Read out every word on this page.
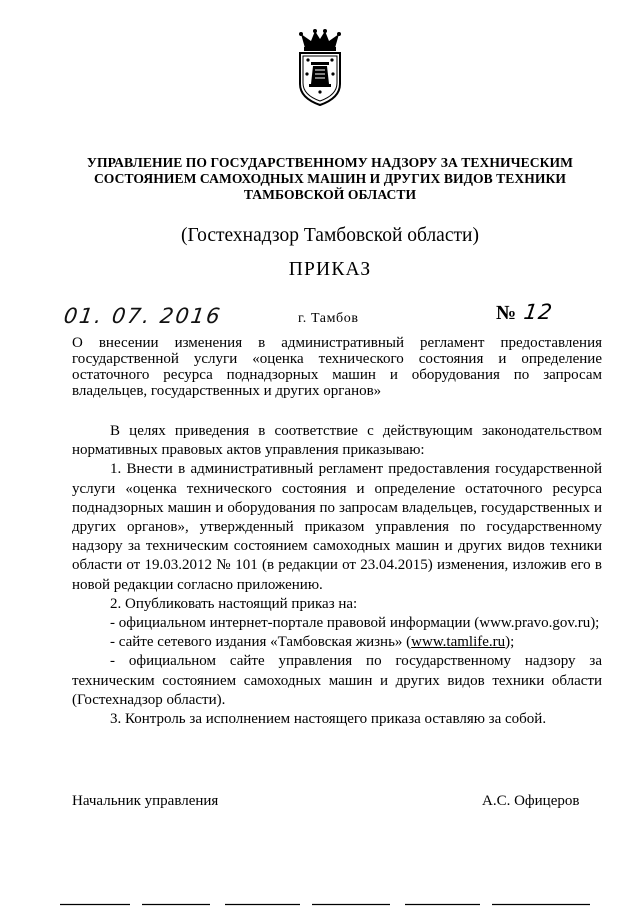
УПРАВЛЕНИЕ ПО ГОСУДАРСТВЕННОМУ НАДЗОРУ ЗА ТЕХНИЧЕСКИМ СОСТОЯНИЕМ САМОХОДНЫХ МАШИН И ДРУГИХ ВИДОВ ТЕХНИКИ ТАМБОВСКОЙ ОБЛАСТИ
(Гостехнадзор Тамбовской области)
ПРИКАЗ
01. 07. 2016	г. Тамбов	№ 12
О внесении изменения в административный регламент предоставления государственной услуги «оценка технического состояния и определение остаточного ресурса поднадзорных машин и оборудования по запросам владельцев, государственных и других органов»

В целях приведения в соответствие с действующим законодательством нормативных правовых актов управления приказываю:

1. Внести в административный регламент предоставления государственной услуги «оценка технического состояния и определение остаточного ресурса поднадзорных машин и оборудования по запросам владельцев, государственных и других органов», утвержденный приказом управления по государственному надзору за техническим состоянием самоходных машин и других видов техники области от 19.03.2012 № 101 (в редакции от 23.04.2015) изменения, изложив его в новой редакции согласно приложению.

2. Опубликовать настоящий приказ на:

- официальном интернет-портале правовой информации (www.pravo.gov.ru);

- сайте сетевого издания «Тамбовская жизнь» (www.tamlife.ru);

- официальном сайте управления по государственному надзору за техническим состоянием самоходных машин и других видов техники области (Гостехнадзор области).

3. Контроль за исполнением настоящего приказа оставляю за собой.

Начальник управления	А.С. Офицеров
